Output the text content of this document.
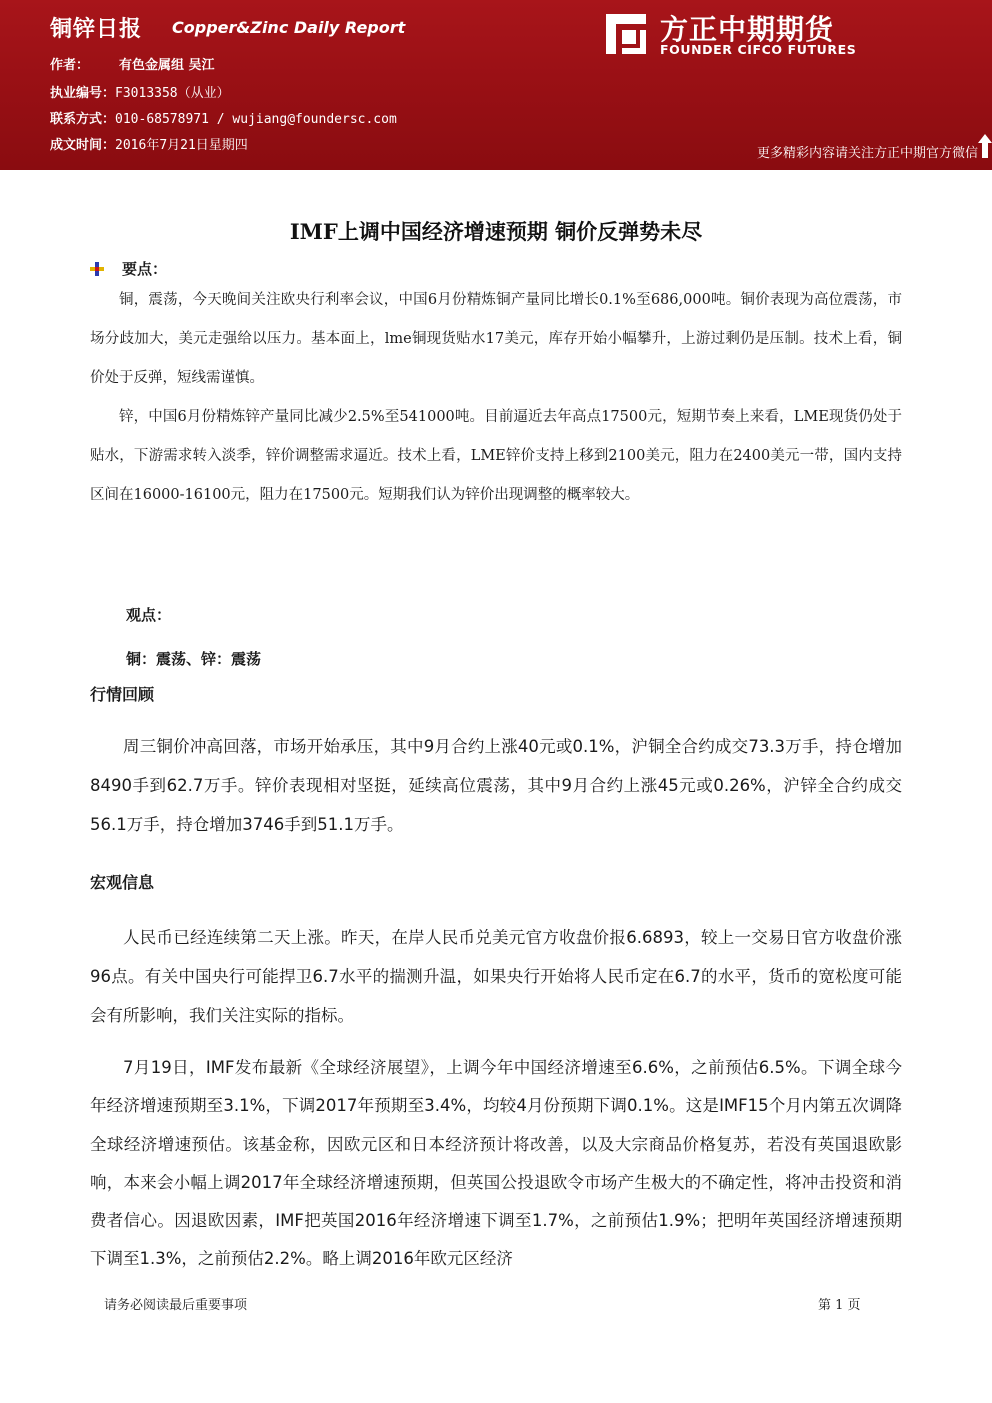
铜锌日报 Copper&Zinc Daily Report
作者： 有色金属组 吴江
执业编号：F3013358（从业）
联系方式：010-68578971 / wujiang@foundersc.com
成文时间：2016年7月21日星期四
方正中期期货
FOUNDER CIFCO FUTURES
更多精彩内容请关注方正中期官方微信
IMF上调中国经济增速预期 铜价反弹势未尽
要点：

铜，震荡，今天晚间关注欧央行利率会议，中国6月份精炼铜产量同比增长0.1%至686,000吨。铜价表现为高位震荡，市场分歧加大，美元走强给以压力。基本面上，lme铜现货贴水17美元，库存开始小幅攀升，上游过剩仍是压制。技术上看，铜价处于反弹，短线需谨慎。

锌，中国6月份精炼锌产量同比减少2.5%至541000吨。目前逼近去年高点17500元，短期节奏上来看，LME现货仍处于贴水，下游需求转入淡季，锌价调整需求逼近。技术上看，LME锌价支持上移到2100美元，阻力在2400美元一带，国内支持区间在16000-16100元，阻力在17500元。短期我们认为锌价出现调整的概率较大。

观点：
铜：震荡、锌：震荡
行情回顾

周三铜价冲高回落，市场开始承压，其中9月合约上涨40元或0.1%，沪铜全合约成交73.3万手，持仓增加8490手到62.7万手。锌价表现相对坚挺，延续高位震荡，其中9月合约上涨45元或0.26%，沪锌全合约成交56.1万手，持仓增加3746手到51.1万手。

宏观信息

人民币已经连续第二天上涨。昨天，在岸人民币兑美元官方收盘价报6.6893，较上一交易日官方收盘价涨96点。有关中国央行可能捍卫6.7水平的揣测升温，如果央行开始将人民币定在6.7的水平，货币的宽松度可能会有所影响，我们关注实际的指标。

7月19日，IMF发布最新《全球经济展望》，上调今年中国经济增速至6.6%，之前预估6.5%。下调全球今年经济增速预期至3.1%，下调2017年预期至3.4%，均较4月份预期下调0.1%。这是IMF15个月内第五次调降全球经济增速预估。该基金称，因欧元区和日本经济预计将改善，以及大宗商品价格复苏，若没有英国退欧影响，本来会小幅上调2017年全球经济增速预期，但英国公投退欧令市场产生极大的不确定性，将冲击投资和消费者信心。因退欧因素，IMF把英国2016年经济增速下调至1.7%，之前预估1.9%；把明年英国经济增速预期下调至1.3%，之前预估2.2%。略上调2016年欧元区经济

请务必阅读最后重要事项	第 1 页
